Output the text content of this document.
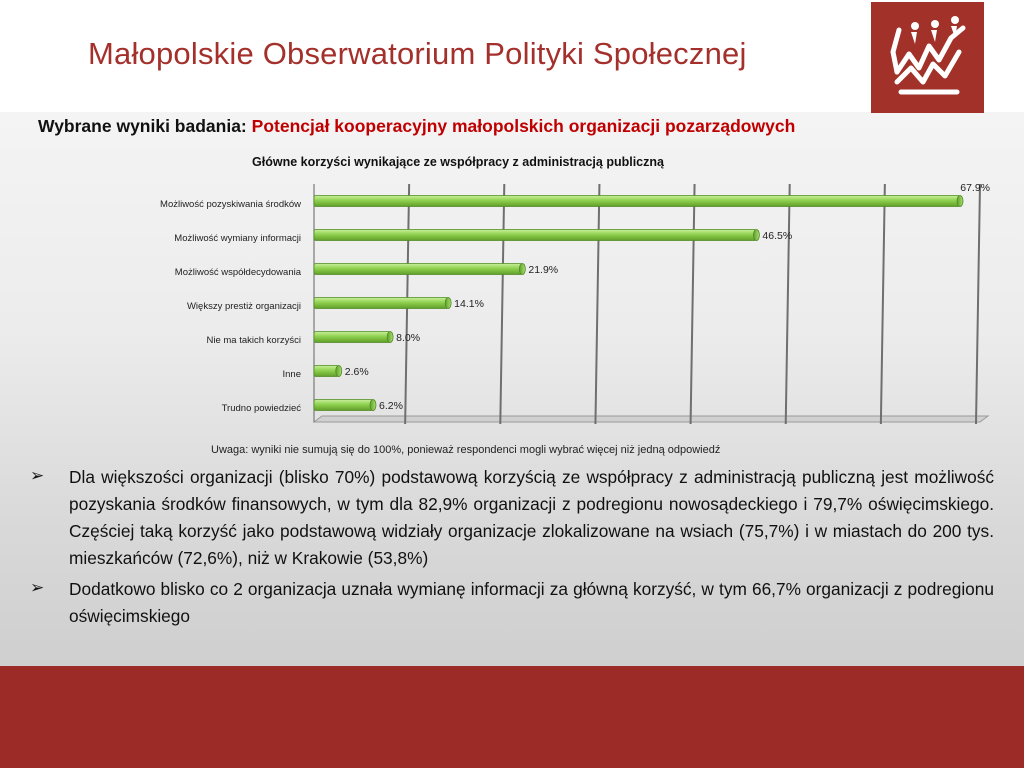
Małopolskie Obserwatorium Polityki Społecznej
Wybrane wyniki badania: Potencjał kooperacyjny małopolskich organizacji pozarządowych
Główne korzyści wynikające ze współpracy z administracją publiczną
Możliwość pozyskiwania środków
67.9%
Możliwość wymiany informacji	46.5%
Możliwość współdecydowania	21.9%
Większy prestiż organizacji	14.1%
Nie ma takich korzyści	8.0%
Inne	2.6%
Trudno powiedzieć	6.2%
Uwaga: wyniki nie sumują się do 100%, ponieważ respondenci mogli wybrać więcej niż jedną odpowiedź
➢	Dla większości organizacji (blisko 70%) podstawową korzyścią ze współpracy z administracją publiczną jest możliwość pozyskania środków finansowych, w tym dla 82,9% organizacji z podregionu nowosądeckiego i 79,7% oświęcimskiego. Częściej taką korzyść jako podstawową widziały organizacje zlokalizowane na wsiach (75,7%) i w miastach do 200 tys. mieszkańców (72,6%), niż w Krakowie (53,8%)
➢	Dodatkowo blisko co 2 organizacja uznała wymianę informacji za główną korzyść, w tym 66,7% organizacji z podregionu oświęcimskiego
